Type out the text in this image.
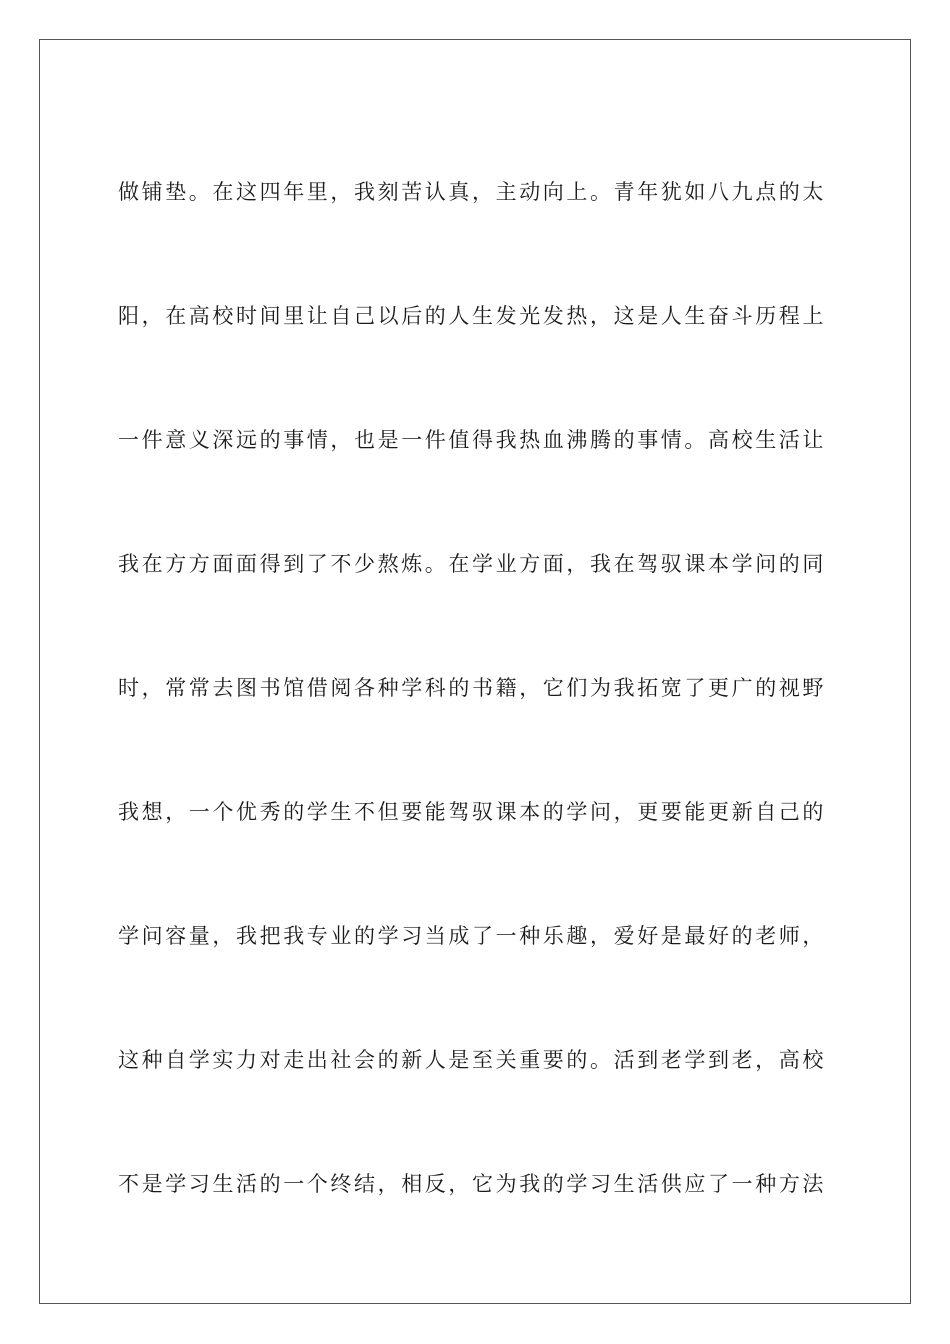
做铺垫。在这四年里，我刻苦认真，主动向上。青年犹如八九点的太
阳，在高校时间里让自己以后的人生发光发热，这是人生奋斗历程上
一件意义深远的事情，也是一件值得我热血沸腾的事情。高校生活让
我在方方面面得到了不少熬炼。在学业方面，我在驾驭课本学问的同
时，常常去图书馆借阅各种学科的书籍，它们为我拓宽了更广的视野
我想，一个优秀的学生不但要能驾驭课本的学问，更要能更新自己的
学问容量，我把我专业的学习当成了一种乐趣，爱好是最好的老师，
这种自学实力对走出社会的新人是至关重要的。活到老学到老，高校
不是学习生活的一个终结，相反，它为我的学习生活供应了一种方法
